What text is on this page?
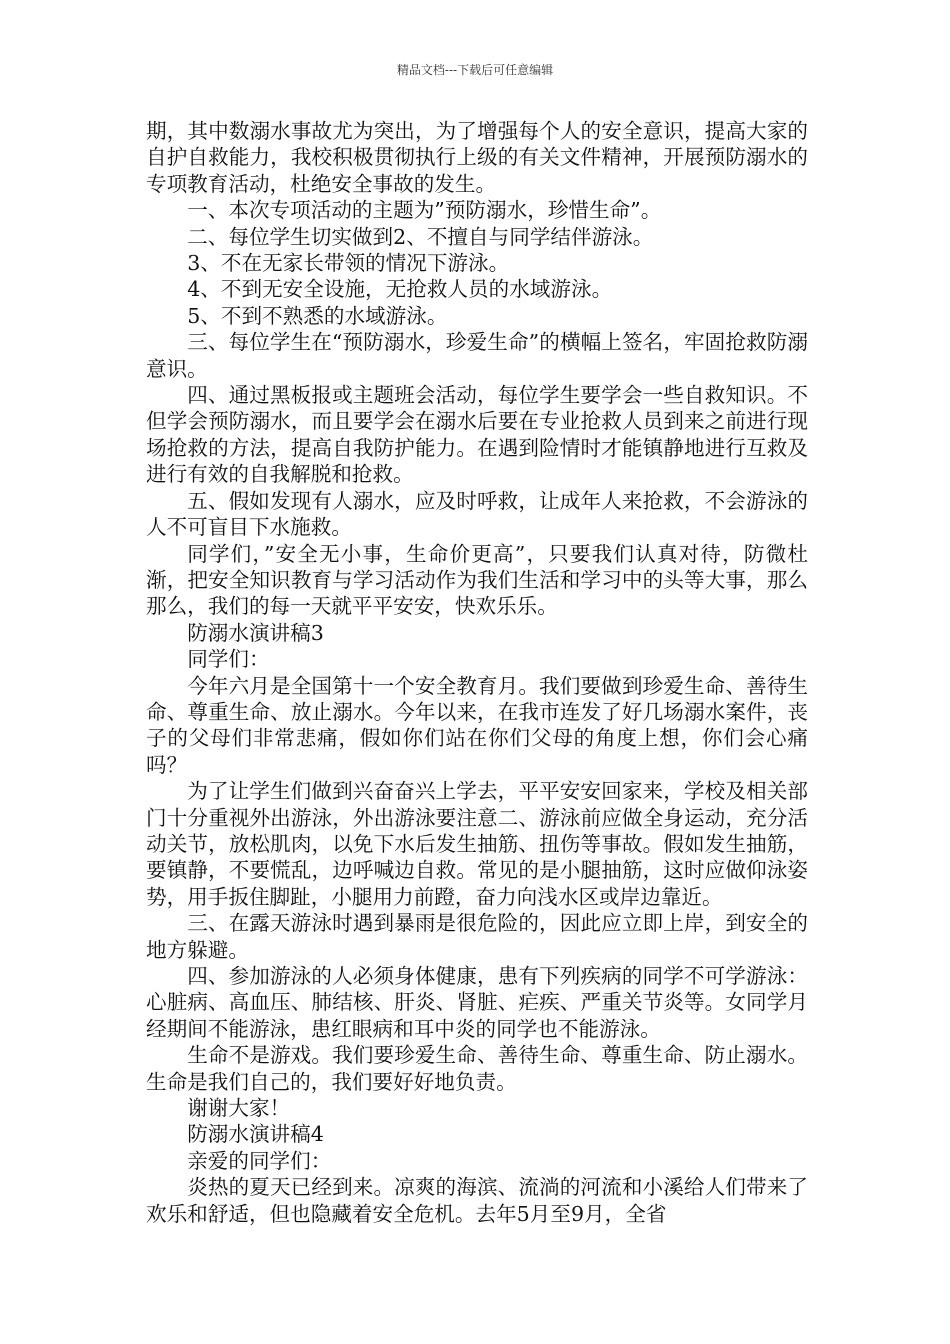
精品文档---下载后可任意编辑

期，其中数溺水事故尤为突出，为了增强每个人的安全意识，提高大家的自护自救能力，我校积极贯彻执行上级的有关文件精神，开展预防溺水的专项教育活动，杜绝安全事故的发生。

一、本次专项活动的主题为”预防溺水，珍惜生命”。

二、每位学生切实做到2、不擅自与同学结伴游泳。

3、不在无家长带领的情况下游泳。

4、不到无安全设施，无抢救人员的水域游泳。

5、不到不熟悉的水域游泳。

三、每位学生在“预防溺水，珍爱生命”的横幅上签名，牢固抢救防溺意识。

四、通过黑板报或主题班会活动，每位学生要学会一些自救知识。不但学会预防溺水，而且要学会在溺水后要在专业抢救人员到来之前进行现场抢救的方法，提高自我防护能力。在遇到险情时才能镇静地进行互救及进行有效的自我解脱和抢救。

五、假如发现有人溺水，应及时呼救，让成年人来抢救，不会游泳的人不可盲目下水施救。

同学们，”安全无小事，生命价更高”，只要我们认真对待，防微杜渐，把安全知识教育与学习活动作为我们生活和学习中的头等大事，那么那么，我们的每一天就平平安安，快欢乐乐。

防溺水演讲稿3

同学们：

今年六月是全国第十一个安全教育月。我们要做到珍爱生命、善待生命、尊重生命、放止溺水。今年以来，在我市连发了好几场溺水案件，丧子的父母们非常悲痛，假如你们站在你们父母的角度上想，你们会心痛吗？

为了让学生们做到兴奋奋兴上学去，平平安安回家来，学校及相关部门十分重视外出游泳，外出游泳要注意二、游泳前应做全身运动，充分活动关节，放松肌肉，以免下水后发生抽筋、扭伤等事故。假如发生抽筋，要镇静，不要慌乱，边呼喊边自救。常见的是小腿抽筋，这时应做仰泳姿势，用手扳住脚趾，小腿用力前蹬，奋力向浅水区或岸边靠近。

三、在露天游泳时遇到暴雨是很危险的，因此应立即上岸，到安全的地方躲避。

四、参加游泳的人必须身体健康，患有下列疾病的同学不可学游泳：心脏病、高血压、肺结核、肝炎、肾脏、疟疾、严重关节炎等。女同学月经期间不能游泳，患红眼病和耳中炎的同学也不能游泳。

生命不是游戏。我们要珍爱生命、善待生命、尊重生命、防止溺水。生命是我们自己的，我们要好好地负责。

谢谢大家！

防溺水演讲稿4

亲爱的同学们：

炎热的夏天已经到来。凉爽的海滨、流淌的河流和小溪给人们带来了欢乐和舒适，但也隐藏着安全危机。去年5月至9月，全省
